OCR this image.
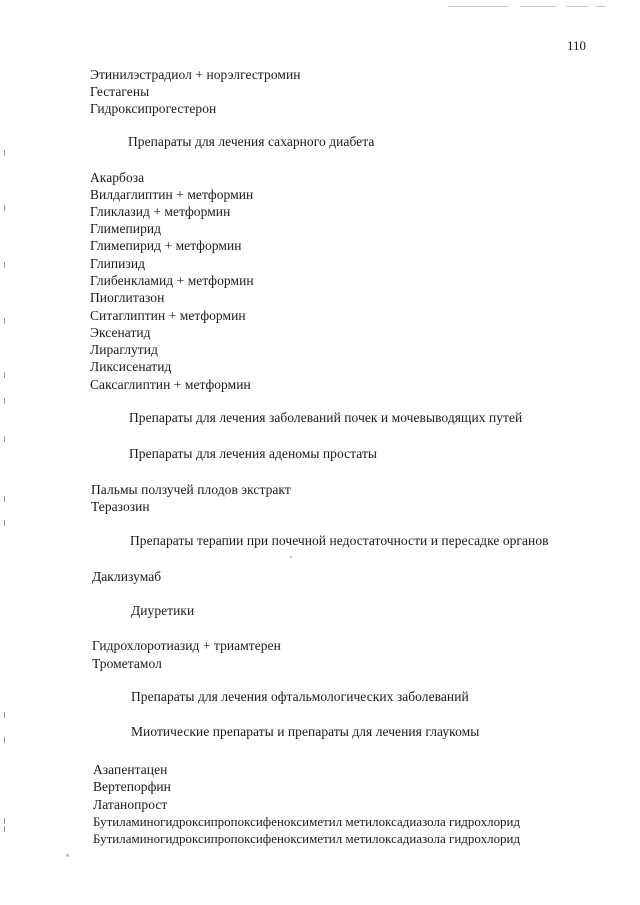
110
Этинилэстрадиол + норэлгестромин
Гестагены
Гидроксипрогестерон
Препараты для лечения сахарного диабета
Акарбоза
Вилдаглиптин + метформин
Гликлазид + метформин
Глимепирид
Глимепирид + метформин
Глипизид
Глибенкламид + метформин
Пиоглитазон
Ситаглиптин + метформин
Эксенатид
Лираглутид
Ликсисенатид
Саксаглиптин + метформин
Препараты для лечения заболеваний почек и мочевыводящих путей
Препараты для лечения аденомы простаты
Пальмы ползучей плодов экстракт
Теразозин
Препараты терапии при почечной недостаточности и пересадке органов
Даклизумаб
Диуретики
Гидрохлоротиазид + триамтерен
Трометамол
Препараты для лечения офтальмологических заболеваний
Миотические препараты и препараты для лечения глаукомы
Азапентацен
Вертепорфин
Латанопрост
Бутиламиногидроксипропоксифеноксиметил метилоксадиазола гидрохлорид
Бутиламиногидроксипропоксифеноксиметил метилоксадиазола гидрохлорид
